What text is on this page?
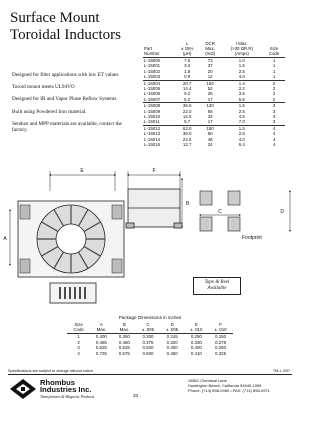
Surface Mount
Toroidal Inductors

Designed for filter applications with low ET values

Toroid mount meets UL94VO

Designed for IR and Vapor Phase Reflow Systems

Built using Powdered Iron material.

Sendust and MPP materials are available, contact the factory.

Part
Number	L
± 15%
(μH)	DCR
Max.
(mΩ)	I Max.
(>30 ΩR.R)
(Amps)	Size
Code
L-15000	7.6	73	1.0	1
L-15001	3.4	37	1.5	1
L-15002	1.8	20	2.5	1
L-15003	0.9	12	4.0	1
L-15004	20.7	150	1.4	2
L-15005	14.4	52	2.2	2
L-15006	9.2	28	3.5	2
L-15007	5.2	17	5.5	2
L-15008	36.6	130	1.5	3
L-15009	22.0	65	2.5	3
L-15010	12.5	33	4.5	3
L-15011	5.7	17	7.0	3
L-15012	62.0	180	1.5	4
L-15013	36.0	90	2.5	4
L-15014	22.5	48	4.0	4
L-15015	12.7	24	6.4	4
E	F
A
B
C	D
Footprint
Tape & Reel
Available
Package Dimensions in inches
Size
Code	A
Max.	B
Max.	C
± .005	D
± .005	E
± .010	F
± .010
1	0.400	0.350	0.300	0.245	0.250	0.150
2	0.485	0.450	0.375	0.320	0.330	0.275
3	0.625	0.525	0.500	0.400	0.400	0.290
4	0.725	0.575	0.600	0.450	0.410	0.325
Specifications are subject to change without notice	TM-L 3/97
Rhombus
Industries Inc.
Transformers & Magnetic Products	33
15801 Chemical Lane
Huntington Beach, California 92649-1595
Phone: (714) 898-0960 • FAX: (714) 896-0971
